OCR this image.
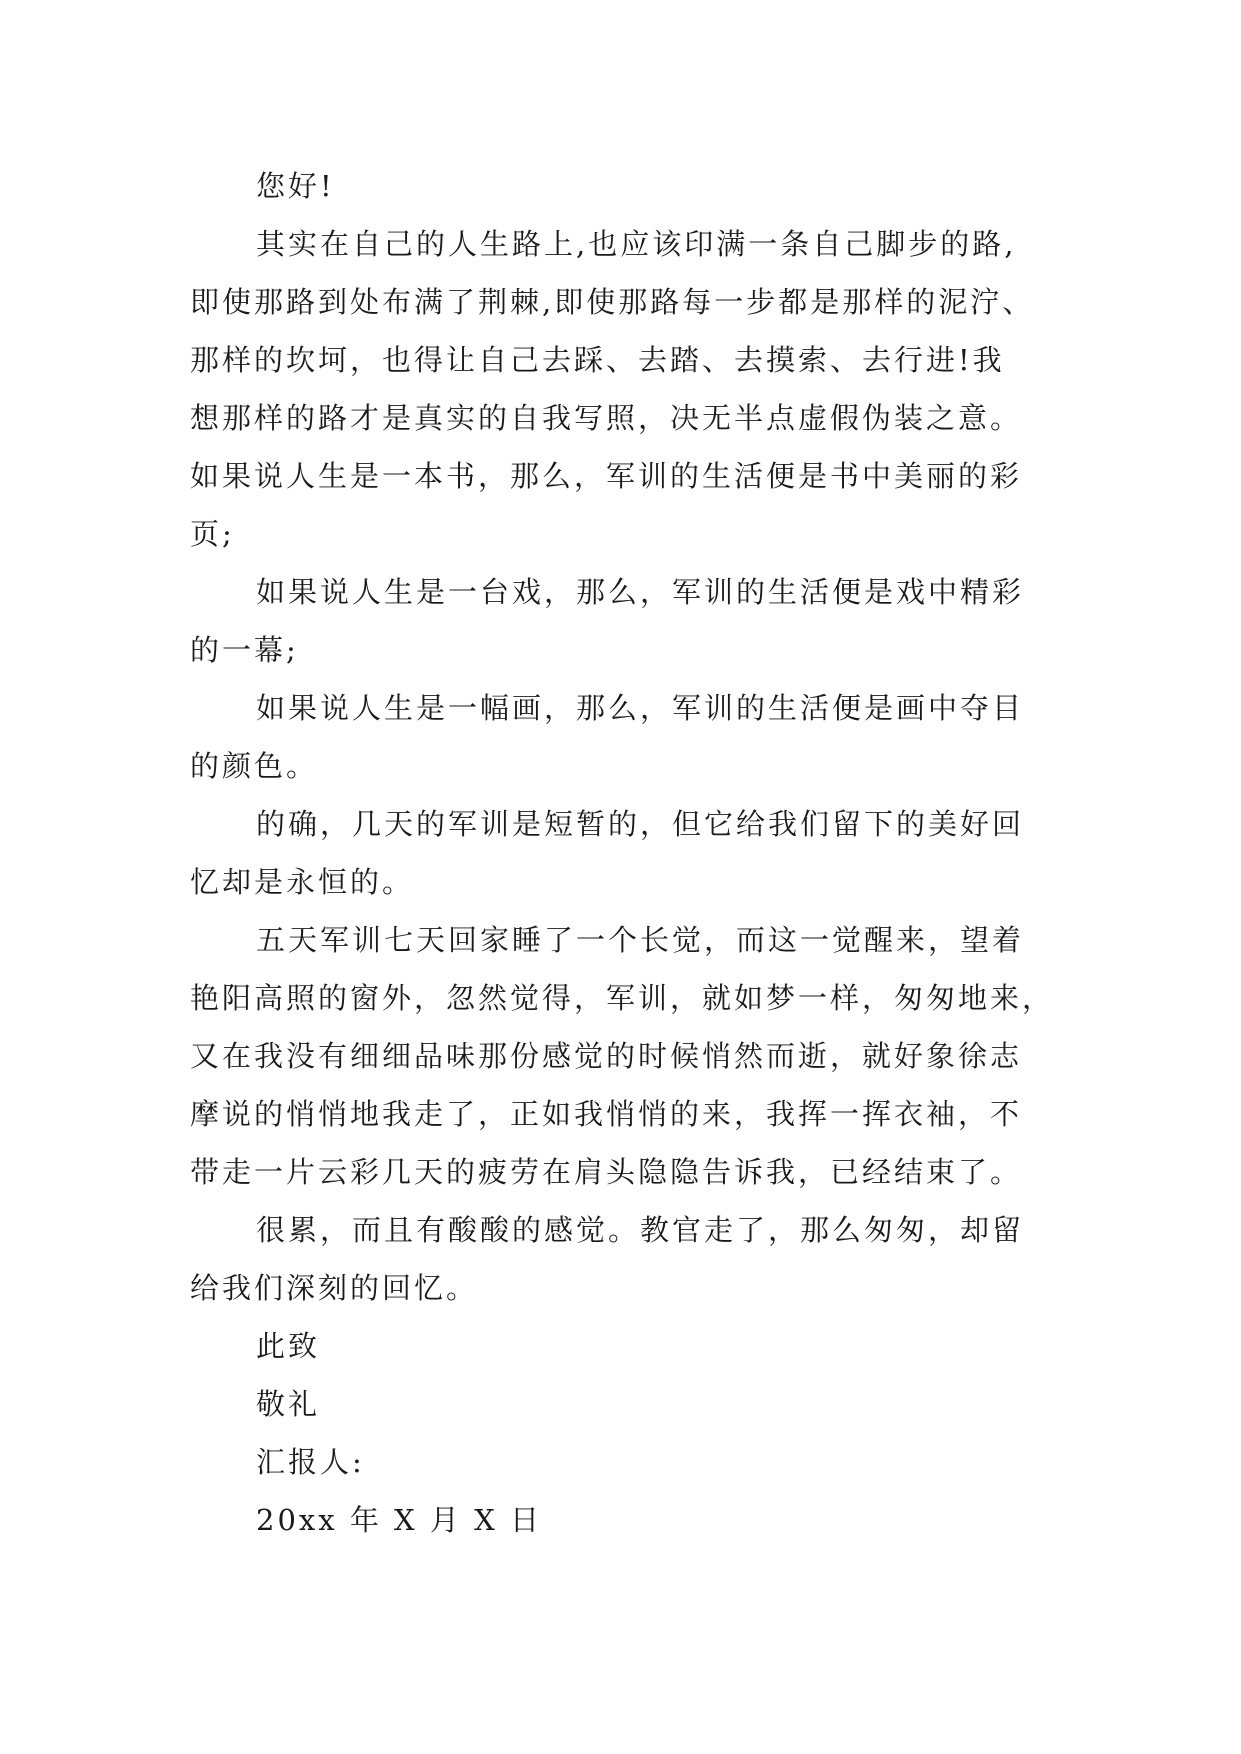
您好!
其实在自己的人生路上,也应该印满一条自己脚步的路,
即使那路到处布满了荆棘,即使那路每一步都是那样的泥泞、
那样的坎坷，也得让自己去踩、去踏、去摸索、去行进!我
想那样的路才是真实的自我写照，决无半点虚假伪装之意。
如果说人生是一本书，那么，军训的生活便是书中美丽的彩
页;
如果说人生是一台戏，那么，军训的生活便是戏中精彩
的一幕;
如果说人生是一幅画，那么，军训的生活便是画中夺目
的颜色。
的确，几天的军训是短暂的，但它给我们留下的美好回
忆却是永恒的。
五天军训七天回家睡了一个长觉，而这一觉醒来，望着
艳阳高照的窗外，忽然觉得，军训，就如梦一样，匆匆地来，
又在我没有细细品味那份感觉的时候悄然而逝，就好象徐志
摩说的悄悄地我走了，正如我悄悄的来，我挥一挥衣袖，不
带走一片云彩几天的疲劳在肩头隐隐告诉我，已经结束了。
很累，而且有酸酸的感觉。教官走了，那么匆匆，却留
给我们深刻的回忆。
此致
敬礼
汇报人:
20xx 年 X 月 X 日
